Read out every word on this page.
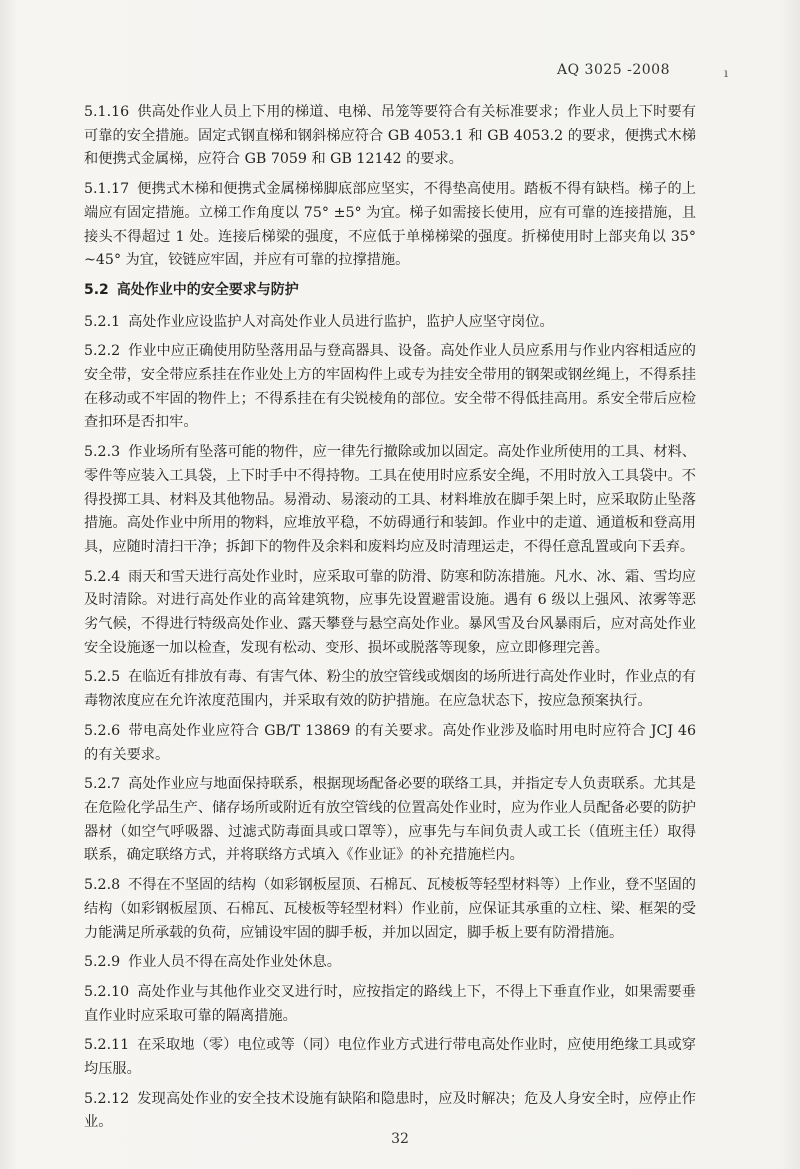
AQ 3025 -2008	ı

5.1.16 供高处作业人员上下用的梯道、电梯、吊笼等要符合有关标准要求；作业人员上下时要有可靠的安全措施。固定式钢直梯和钢斜梯应符合 GB 4053.1 和 GB 4053.2 的要求，便携式木梯和便携式金属梯，应符合 GB 7059 和 GB 12142 的要求。

5.1.17 便携式木梯和便携式金属梯梯脚底部应坚实，不得垫高使用。踏板不得有缺档。梯子的上端应有固定措施。立梯工作角度以 75° ±5° 为宜。梯子如需接长使用，应有可靠的连接措施，且接头不得超过 1 处。连接后梯梁的强度，不应低于单梯梯梁的强度。折梯使用时上部夹角以 35° ~45° 为宜，铰链应牢固，并应有可靠的拉撑措施。

5.2 高处作业中的安全要求与防护

5.2.1 高处作业应设监护人对高处作业人员进行监护，监护人应坚守岗位。

5.2.2 作业中应正确使用防坠落用品与登高器具、设备。高处作业人员应系用与作业内容相适应的安全带，安全带应系挂在作业处上方的牢固构件上或专为挂安全带用的钢架或钢丝绳上，不得系挂在移动或不牢固的物件上；不得系挂在有尖锐棱角的部位。安全带不得低挂高用。系安全带后应检查扣环是否扣牢。

5.2.3 作业场所有坠落可能的物件，应一律先行撤除或加以固定。高处作业所使用的工具、材料、零件等应装入工具袋，上下时手中不得持物。工具在使用时应系安全绳，不用时放入工具袋中。不得投掷工具、材料及其他物品。易滑动、易滚动的工具、材料堆放在脚手架上时，应采取防止坠落措施。高处作业中所用的物料，应堆放平稳，不妨碍通行和装卸。作业中的走道、通道板和登高用具，应随时清扫干净；拆卸下的物件及余料和废料均应及时清理运走，不得任意乱置或向下丢弃。

5.2.4 雨天和雪天进行高处作业时，应采取可靠的防滑、防寒和防冻措施。凡水、冰、霜、雪均应及时清除。对进行高处作业的高耸建筑物，应事先设置避雷设施。遇有 6 级以上强风、浓雾等恶劣气候，不得进行特级高处作业、露天攀登与悬空高处作业。暴风雪及台风暴雨后，应对高处作业安全设施逐一加以检查，发现有松动、变形、损坏或脱落等现象，应立即修理完善。

5.2.5 在临近有排放有毒、有害气体、粉尘的放空管线或烟囱的场所进行高处作业时，作业点的有毒物浓度应在允许浓度范围内，并采取有效的防护措施。在应急状态下，按应急预案执行。

5.2.6 带电高处作业应符合 GB/T 13869 的有关要求。高处作业涉及临时用电时应符合 JCJ 46 的有关要求。

5.2.7 高处作业应与地面保持联系，根据现场配备必要的联络工具，并指定专人负责联系。尤其是在危险化学品生产、储存场所或附近有放空管线的位置高处作业时，应为作业人员配备必要的防护器材（如空气呼吸器、过滤式防毒面具或口罩等），应事先与车间负责人或工长（值班主任）取得联系，确定联络方式，并将联络方式填入《作业证》的补充措施栏内。

5.2.8 不得在不坚固的结构（如彩钢板屋顶、石棉瓦、瓦棱板等轻型材料等）上作业，登不坚固的结构（如彩钢板屋顶、石棉瓦、瓦棱板等轻型材料）作业前，应保证其承重的立柱、梁、框架的受力能满足所承载的负荷，应铺设牢固的脚手板，并加以固定，脚手板上要有防滑措施。

5.2.9 作业人员不得在高处作业处休息。

5.2.10 高处作业与其他作业交叉进行时，应按指定的路线上下，不得上下垂直作业，如果需要垂直作业时应采取可靠的隔离措施。

5.2.11 在采取地（零）电位或等（同）电位作业方式进行带电高处作业时，应使用绝缘工具或穿均压服。

5.2.12 发现高处作业的安全技术设施有缺陷和隐患时，应及时解决；危及人身安全时，应停止作业。

32
